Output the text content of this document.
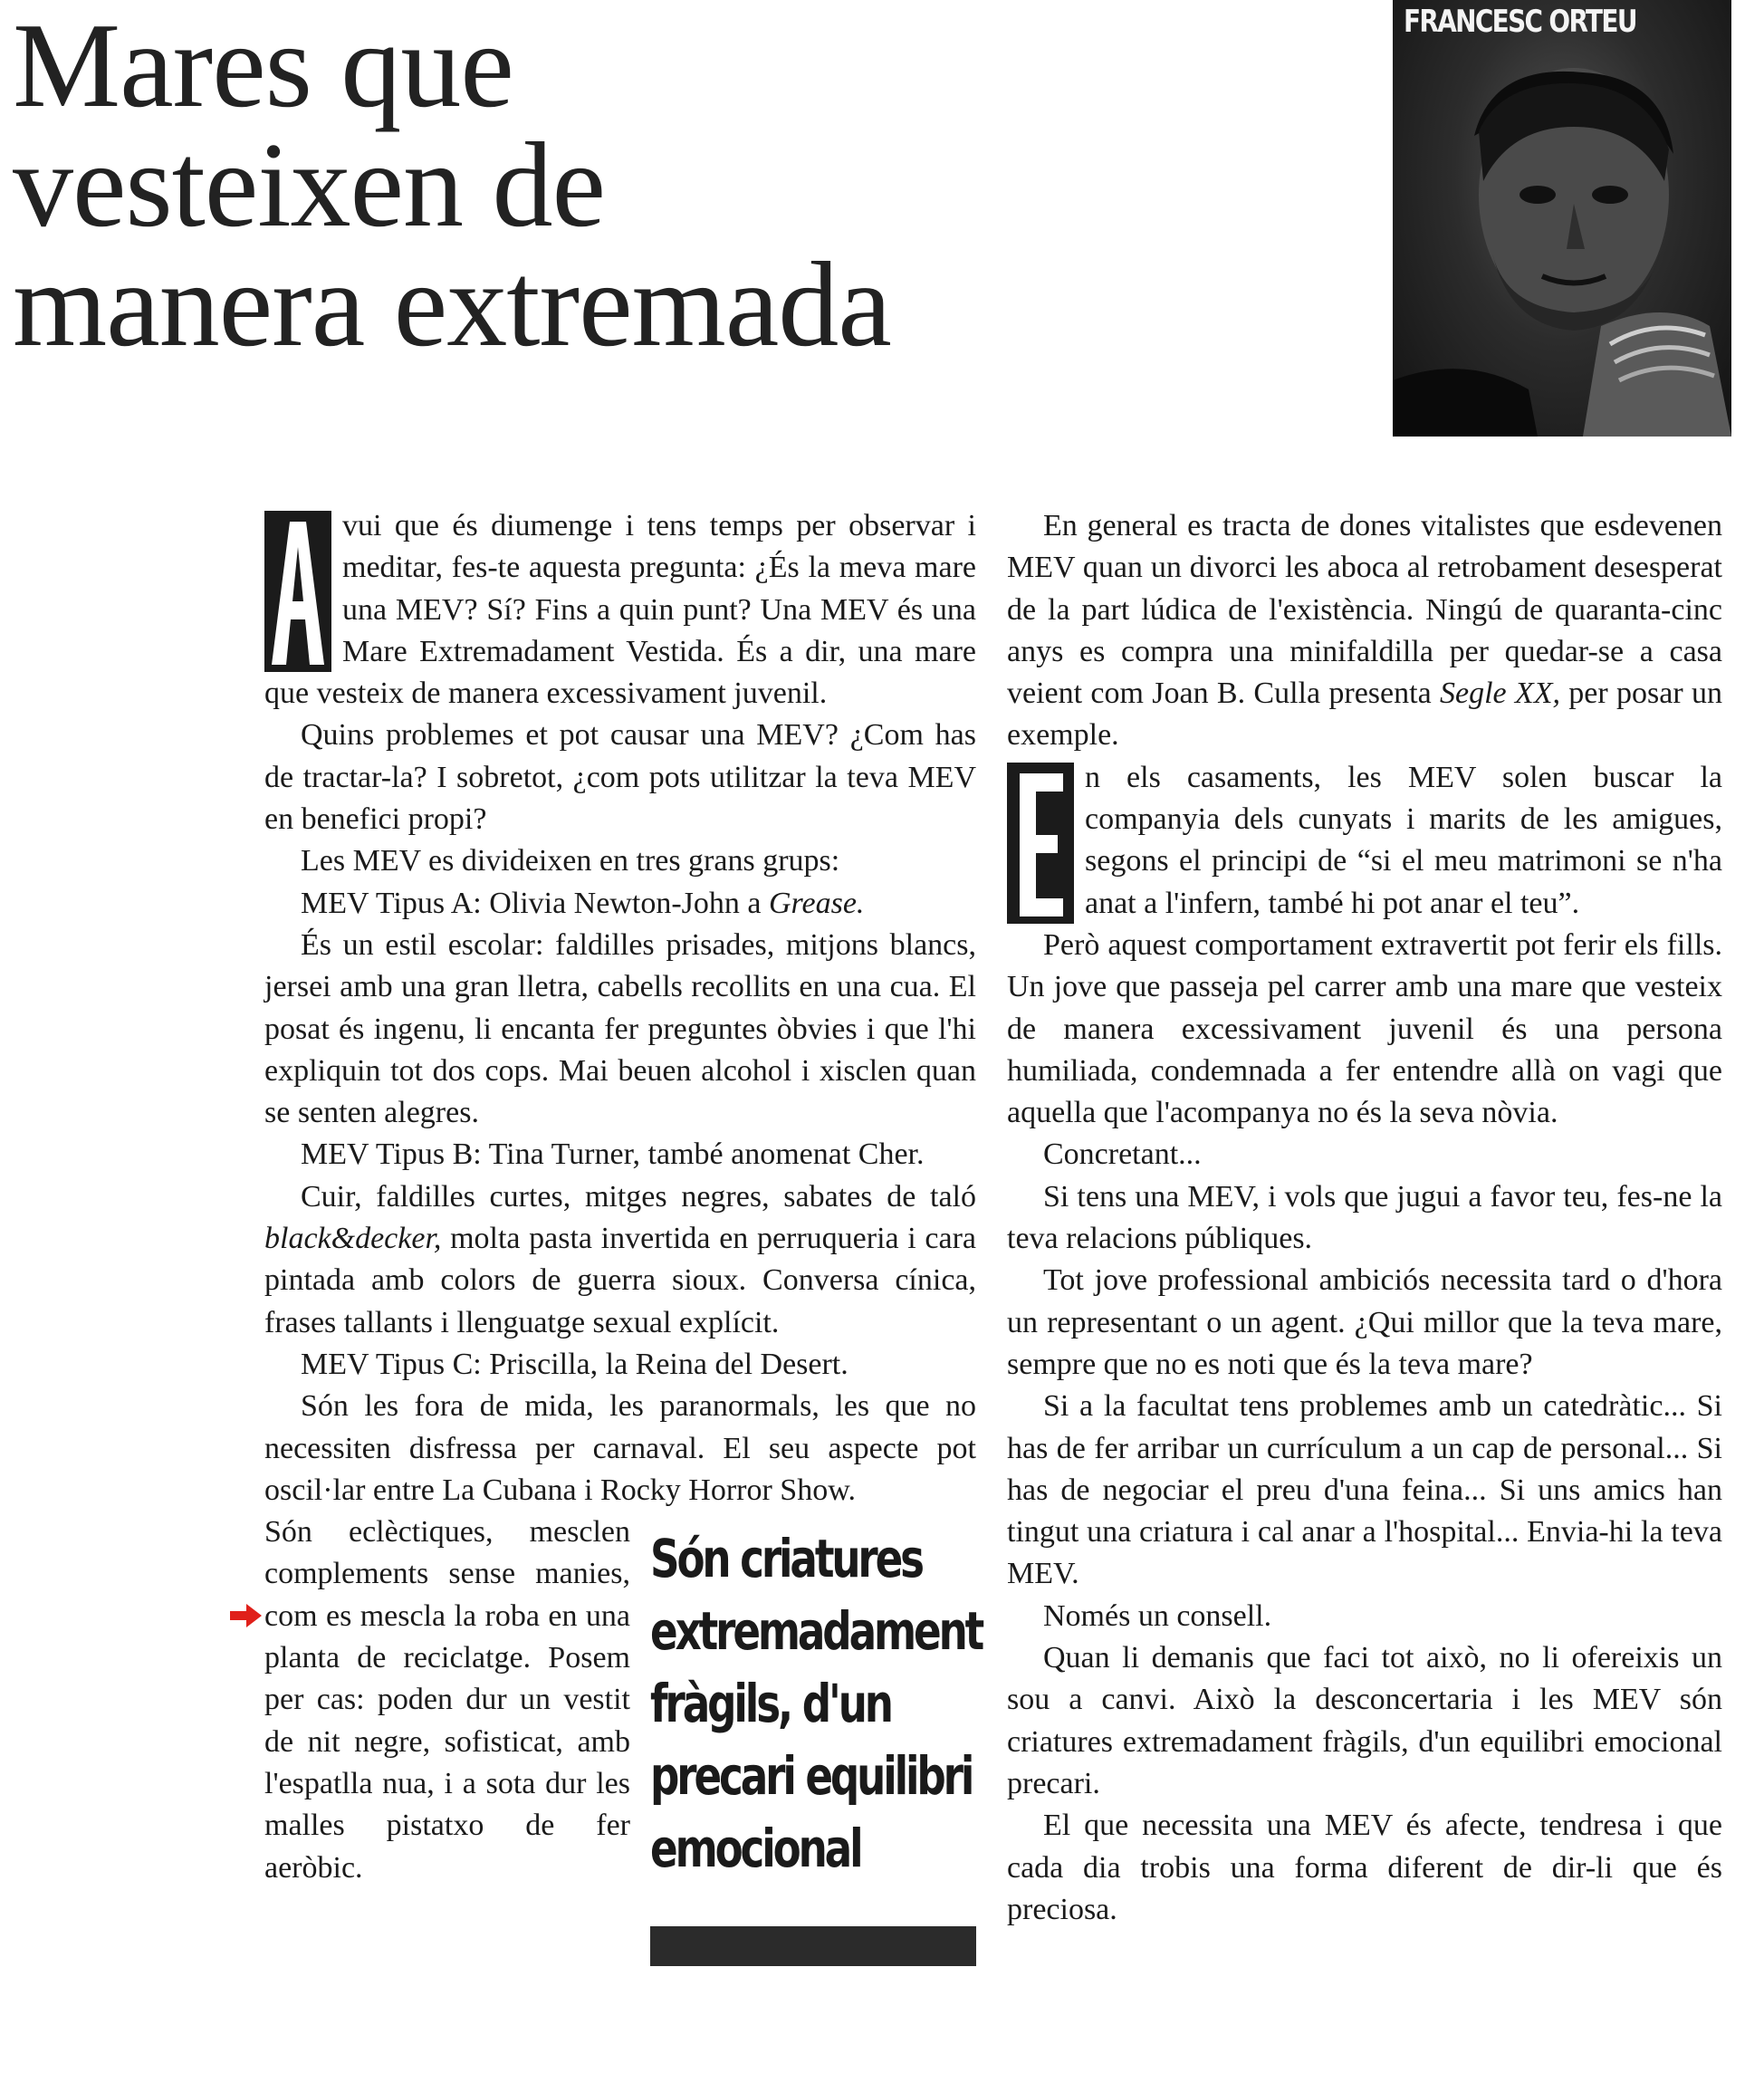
Mares que
vesteixen de
manera extremada
FRANCESC ORTEU

vui que és diumenge i tens temps per observar i meditar, fes-te aquesta pregunta: ¿És la meva mare una MEV? Sí? Fins a quin punt? Una MEV és una Mare Extremadament Vestida. És a dir, una mare que vesteix de manera excessivament juvenil.

Quins problemes et pot causar una MEV? ¿Com has de tractar-la? I sobretot, ¿com pots utilitzar la teva MEV en benefici propi?

Les MEV es divideixen en tres grans grups:

MEV Tipus A: Olivia Newton-John a Grease.

És un estil escolar: faldilles prisades, mitjons blancs, jersei amb una gran lletra, cabells recollits en una cua. El posat és ingenu, li encanta fer preguntes òbvies i que l'hi expliquin tot dos cops. Mai beuen alcohol i xisclen quan se senten alegres.

MEV Tipus B: Tina Turner, també anomenat Cher.

Cuir, faldilles curtes, mitges negres, sabates de taló black&decker, molta pasta invertida en perruqueria i cara pintada amb colors de guerra sioux. Conversa cínica, frases tallants i llenguatge sexual explícit.

MEV Tipus C: Priscilla, la Reina del Desert.

Són les fora de mida, les paranormals, les que no necessiten disfressa per carnaval. El seu aspecte pot oscil·lar entre La Cubana i Rocky Horror Show.

Són criatures extremadament fràgils, d'un precari equilibri emocional

Són eclèctiques, mesclen complements sense manies, com es mescla la roba en una planta de reciclatge. Posem per cas: poden dur un vestit de nit negre, sofisticat, amb l'espatlla nua, i a sota dur les malles pistatxo de fer aeròbic.

En general es tracta de dones vitalistes que esdevenen MEV quan un divorci les aboca al retrobament desesperat de la part lúdica de l'existència. Ningú de quaranta-cinc anys es compra una minifaldilla per quedar-se a casa veient com Joan B. Culla presenta Segle XX, per posar un exemple.

n els casaments, les MEV solen buscar la companyia dels cunyats i marits de les amigues, segons el principi de “si el meu matrimoni se n'ha anat a l'infern, també hi pot anar el teu”.

Però aquest comportament extravertit pot ferir els fills. Un jove que passeja pel carrer amb una mare que vesteix de manera excessivament juvenil és una persona humiliada, condemnada a fer entendre allà on vagi que aquella que l'acompanya no és la seva nòvia.

Concretant...

Si tens una MEV, i vols que jugui a favor teu, fes-ne la teva relacions públiques.

Tot jove professional ambiciós necessita tard o d'hora un representant o un agent. ¿Qui millor que la teva mare, sempre que no es noti que és la teva mare?

Si a la facultat tens problemes amb un catedràtic... Si has de fer arribar un currículum a un cap de personal... Si has de negociar el preu d'una feina... Si uns amics han tingut una criatura i cal anar a l'hospital... Envia-hi la teva MEV.

Només un consell.

Quan li demanis que faci tot això, no li ofereixis un sou a canvi. Això la desconcertaria i les MEV són criatures extremadament fràgils, d'un equilibri emocional precari.

El que necessita una MEV és afecte, tendresa i que cada dia trobis una forma diferent de dir-li que és preciosa.
